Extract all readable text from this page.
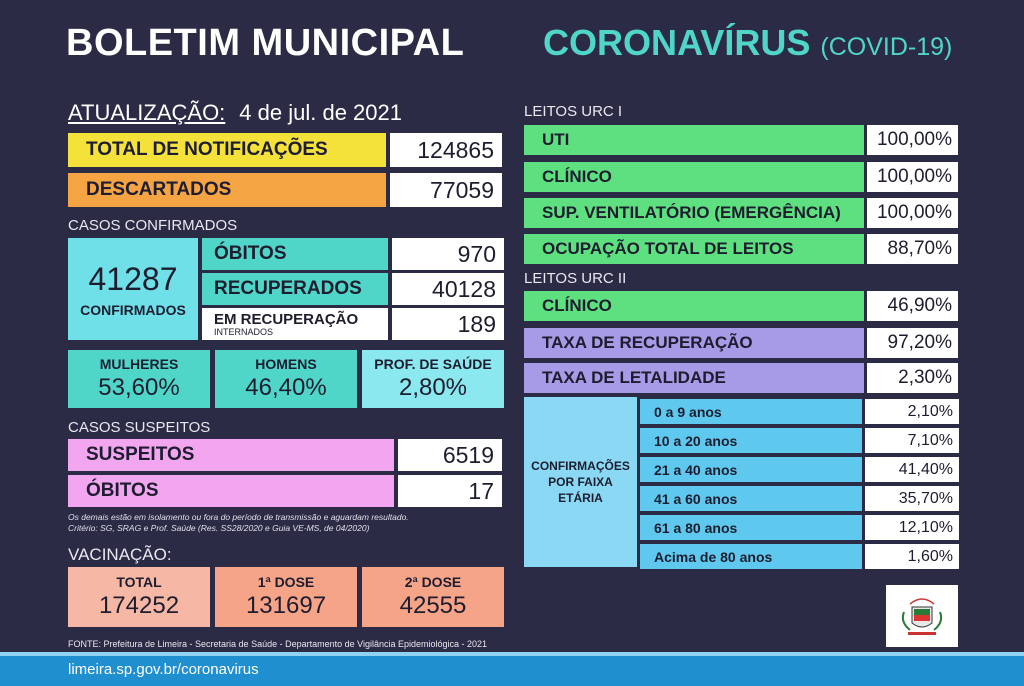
BOLETIM MUNICIPAL CORONAVÍRUS (COVID-19)
ATUALIZAÇÃO: 4 de jul. de 2021
TOTAL DE NOTIFICAÇÕES	124865
DESCARTADOS	77059
CASOS CONFIRMADOS
41287
CONFIRMADOS
ÓBITOS	970
RECUPERADOS	40128
EM RECUPERAÇÃO
INTERNADOS	189
MULHERES
53,60%
HOMENS
46,40%
PROF. DE SAÚDE
2,80%
CASOS SUSPEITOS
SUSPEITOS	6519
ÓBITOS	17
Os demais estão em isolamento ou fora do período de transmissão e aguardam resultado.
Critério: SG, SRAG e Prof. Saúde (Res. SS28/2020 e Guia VE-MS, de 04/2020)
VACINAÇÃO:
TOTAL
174252
1ª DOSE
131697
2ª DOSE
42555
LEITOS URC I
UTI	100,00%
CLÍNICO	100,00%
SUP. VENTILATÓRIO (EMERGÊNCIA)	100,00%
OCUPAÇÃO TOTAL DE LEITOS	88,70%
LEITOS URC II
CLÍNICO	46,90%
TAXA DE RECUPERAÇÃO	97,20%
TAXA DE LETALIDADE	2,30%
CONFIRMAÇÕES
POR FAIXA
ETÁRIA
0 a 9 anos	2,10%
10 a 20 anos	7,10%
21 a 40 anos	41,40%
41 a 60 anos	35,70%
61 a 80 anos	12,10%
Acima de 80 anos	1,60%
FONTE: Prefeitura de Limeira - Secretaria de Saúde - Departamento de Vigilância Epidemiológica - 2021
limeira.sp.gov.br/coronavirus
